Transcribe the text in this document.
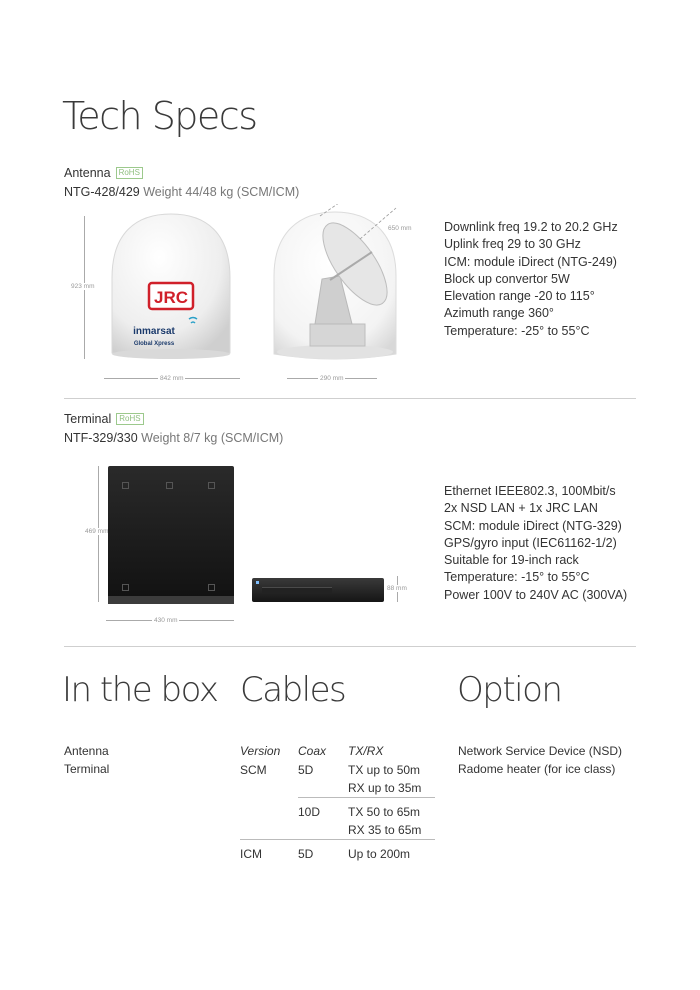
Tech Specs
Antenna RoHS
NTG-428/429 Weight 44/48 kg (SCM/ICM)
923 mm
JRC
inmarsat
Global Xpress
842 mm
650 mm
290 mm
Downlink freq 19.2 to 20.2 GHz
Uplink freq 29 to 30 GHz
ICM: module iDirect (NTG-249)
Block up convertor 5W
Elevation range -20 to 115°
Azimuth range 360°
Temperature: -25° to 55°C
Terminal RoHS
NTF-329/330 Weight 8/7 kg (SCM/ICM)
469 mm
430 mm
88 mm
Ethernet IEEE802.3, 100Mbit/s
2x NSD LAN + 1x JRC LAN
SCM: module iDirect (NTG-329)
GPS/gyro input (IEC61162-1/2)
Suitable for 19-inch rack
Temperature: -15° to 55°C
Power 100V to 240V AC (300VA)
In the box Cables	Option
Antenna
Terminal
Version	Coax	TX/RX
SCM	5D	TX up to 50m
RX up to 35m

	10D	TX 50 to 65m
RX 35 to 65m

ICM	5D	Up to 200m
Network Service Device (NSD)
Radome heater (for ice class)
